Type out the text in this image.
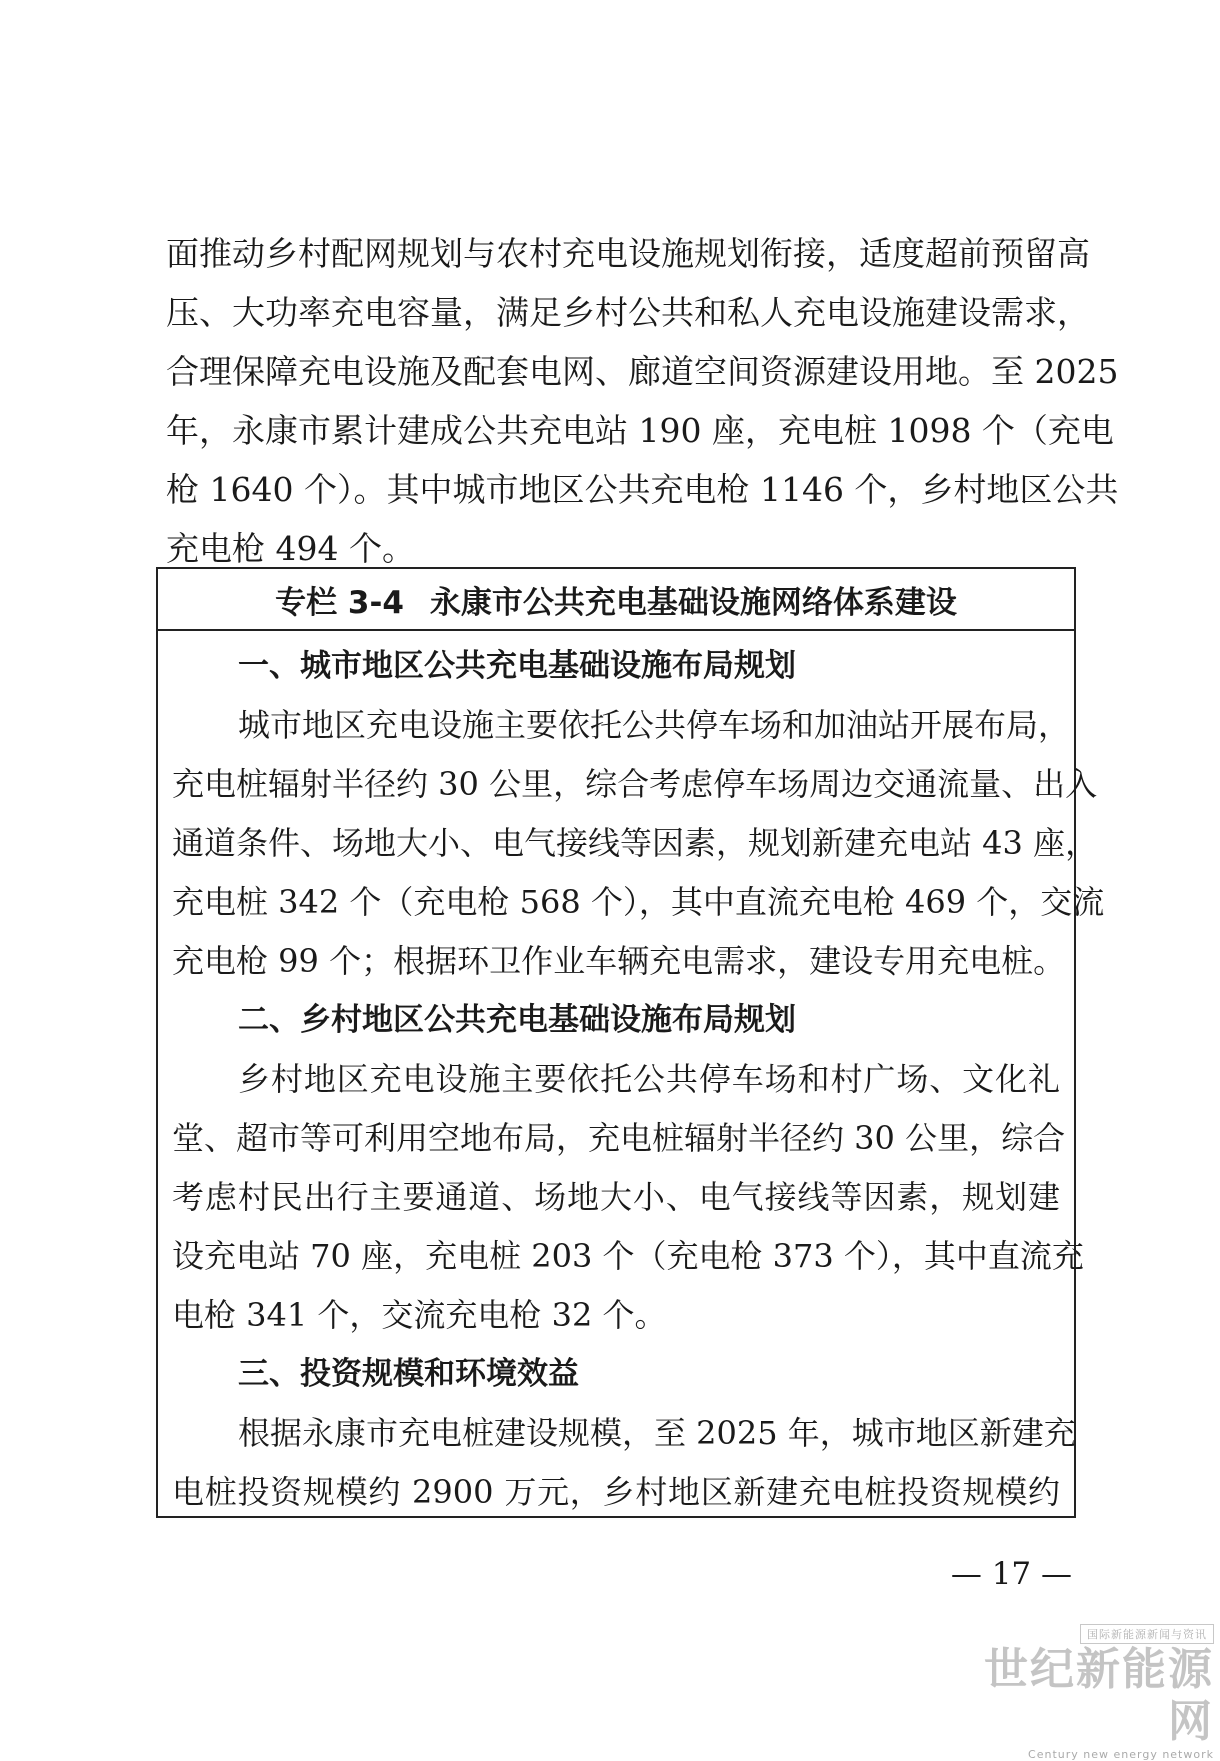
面推动乡村配网规划与农村充电设施规划衔接，适度超前预留高
压、大功率充电容量，满足乡村公共和私人充电设施建设需求，
合理保障充电设施及配套电网、廊道空间资源建设用地。至 2025
年，永康市累计建成公共充电站 190 座，充电桩 1098 个（充电
枪 1640 个）。其中城市地区公共充电枪 1146 个，乡村地区公共
充电枪 494 个。
专栏 3-4 永康市公共充电基础设施网络体系建设

一、城市地区公共充电基础设施布局规划

城市地区充电设施主要依托公共停车场和加油站开展布局，
充电桩辐射半径约 30 公里，综合考虑停车场周边交通流量、出入
通道条件、场地大小、电气接线等因素，规划新建充电站 43 座，
充电桩 342 个（充电枪 568 个），其中直流充电枪 469 个，交流
充电枪 99 个；根据环卫作业车辆充电需求，建设专用充电桩。

二、乡村地区公共充电基础设施布局规划

乡村地区充电设施主要依托公共停车场和村广场、文化礼
堂、超市等可利用空地布局，充电桩辐射半径约 30 公里，综合
考虑村民出行主要通道、场地大小、电气接线等因素，规划建
设充电站 70 座，充电桩 203 个（充电枪 373 个），其中直流充
电枪 341 个，交流充电枪 32 个。

三、投资规模和环境效益

根据永康市充电桩建设规模，至 2025 年，城市地区新建充
电桩投资规模约 2900 万元，乡村地区新建充电桩投资规模约
— 17 —
国际新能源新闻与资讯
世纪新能源网
Century new energy network
